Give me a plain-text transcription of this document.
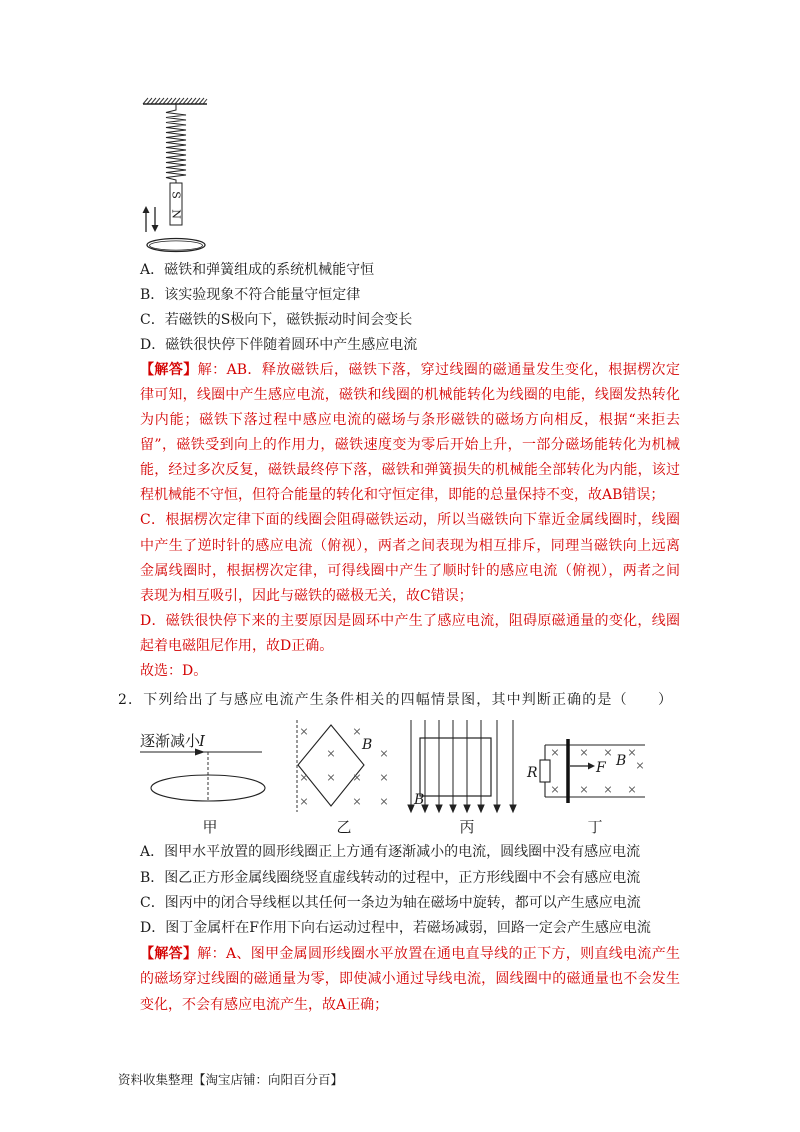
S
N
A．磁铁和弹簧组成的系统机械能守恒
B．该实验现象不符合能量守恒定律
C．若磁铁的S极向下，磁铁振动时间会变长
D．磁铁很快停下伴随着圆环中产生感应电流
【解答】解：AB．释放磁铁后，磁铁下落，穿过线圈的磁通量发生变化，根据楞次定
律可知，线圈中产生感应电流，磁铁和线圈的机械能转化为线圈的电能，线圈发热转化
为内能；磁铁下落过程中感应电流的磁场与条形磁铁的磁场方向相反，根据“来拒去
留”，磁铁受到向上的作用力，磁铁速度变为零后开始上升，一部分磁场能转化为机械
能，经过多次反复，磁铁最终停下落，磁铁和弹簧损失的机械能全部转化为内能，该过
程机械能不守恒，但符合能量的转化和守恒定律，即能的总量保持不变，故AB错误；
C．根据楞次定律下面的线圈会阻碍磁铁运动，所以当磁铁向下靠近金属线圈时，线圈
中产生了逆时针的感应电流（俯视），两者之间表现为相互排斥，同理当磁铁向上远离
金属线圈时，根据楞次定律，可得线圈中产生了顺时针的感应电流（俯视），两者之间
表现为相互吸引，因此与磁铁的磁极无关，故C错误；
D．磁铁很快停下来的主要原因是圆环中产生了感应电流，阻碍原磁通量的变化，线圈
起着电磁阻尼作用，故D正确。
故选：D。
2．下列给出了与感应电流产生条件相关的四幅情景图，其中判断正确的是（　　）
逐渐减小
I
甲
B
×	×
×	×
× × × ×
×	× ×
乙
B
丙
R	F B
× × × ×
×
× × × ×
丁
A．图甲水平放置的圆形线圈正上方通有逐渐减小的电流，圆线圈中没有感应电流
B．图乙正方形金属线圈绕竖直虚线转动的过程中，正方形线圈中不会有感应电流
C．图丙中的闭合导线框以其任何一条边为轴在磁场中旋转，都可以产生感应电流
D．图丁金属杆在F作用下向右运动过程中，若磁场减弱，回路一定会产生感应电流
【解答】解：A、图甲金属圆形线圈水平放置在通电直导线的正下方，则直线电流产生
的磁场穿过线圈的磁通量为零，即使减小通过导线电流，圆线圈中的磁通量也不会发生
变化，不会有感应电流产生，故A正确；
资料收集整理【淘宝店铺：向阳百分百】
